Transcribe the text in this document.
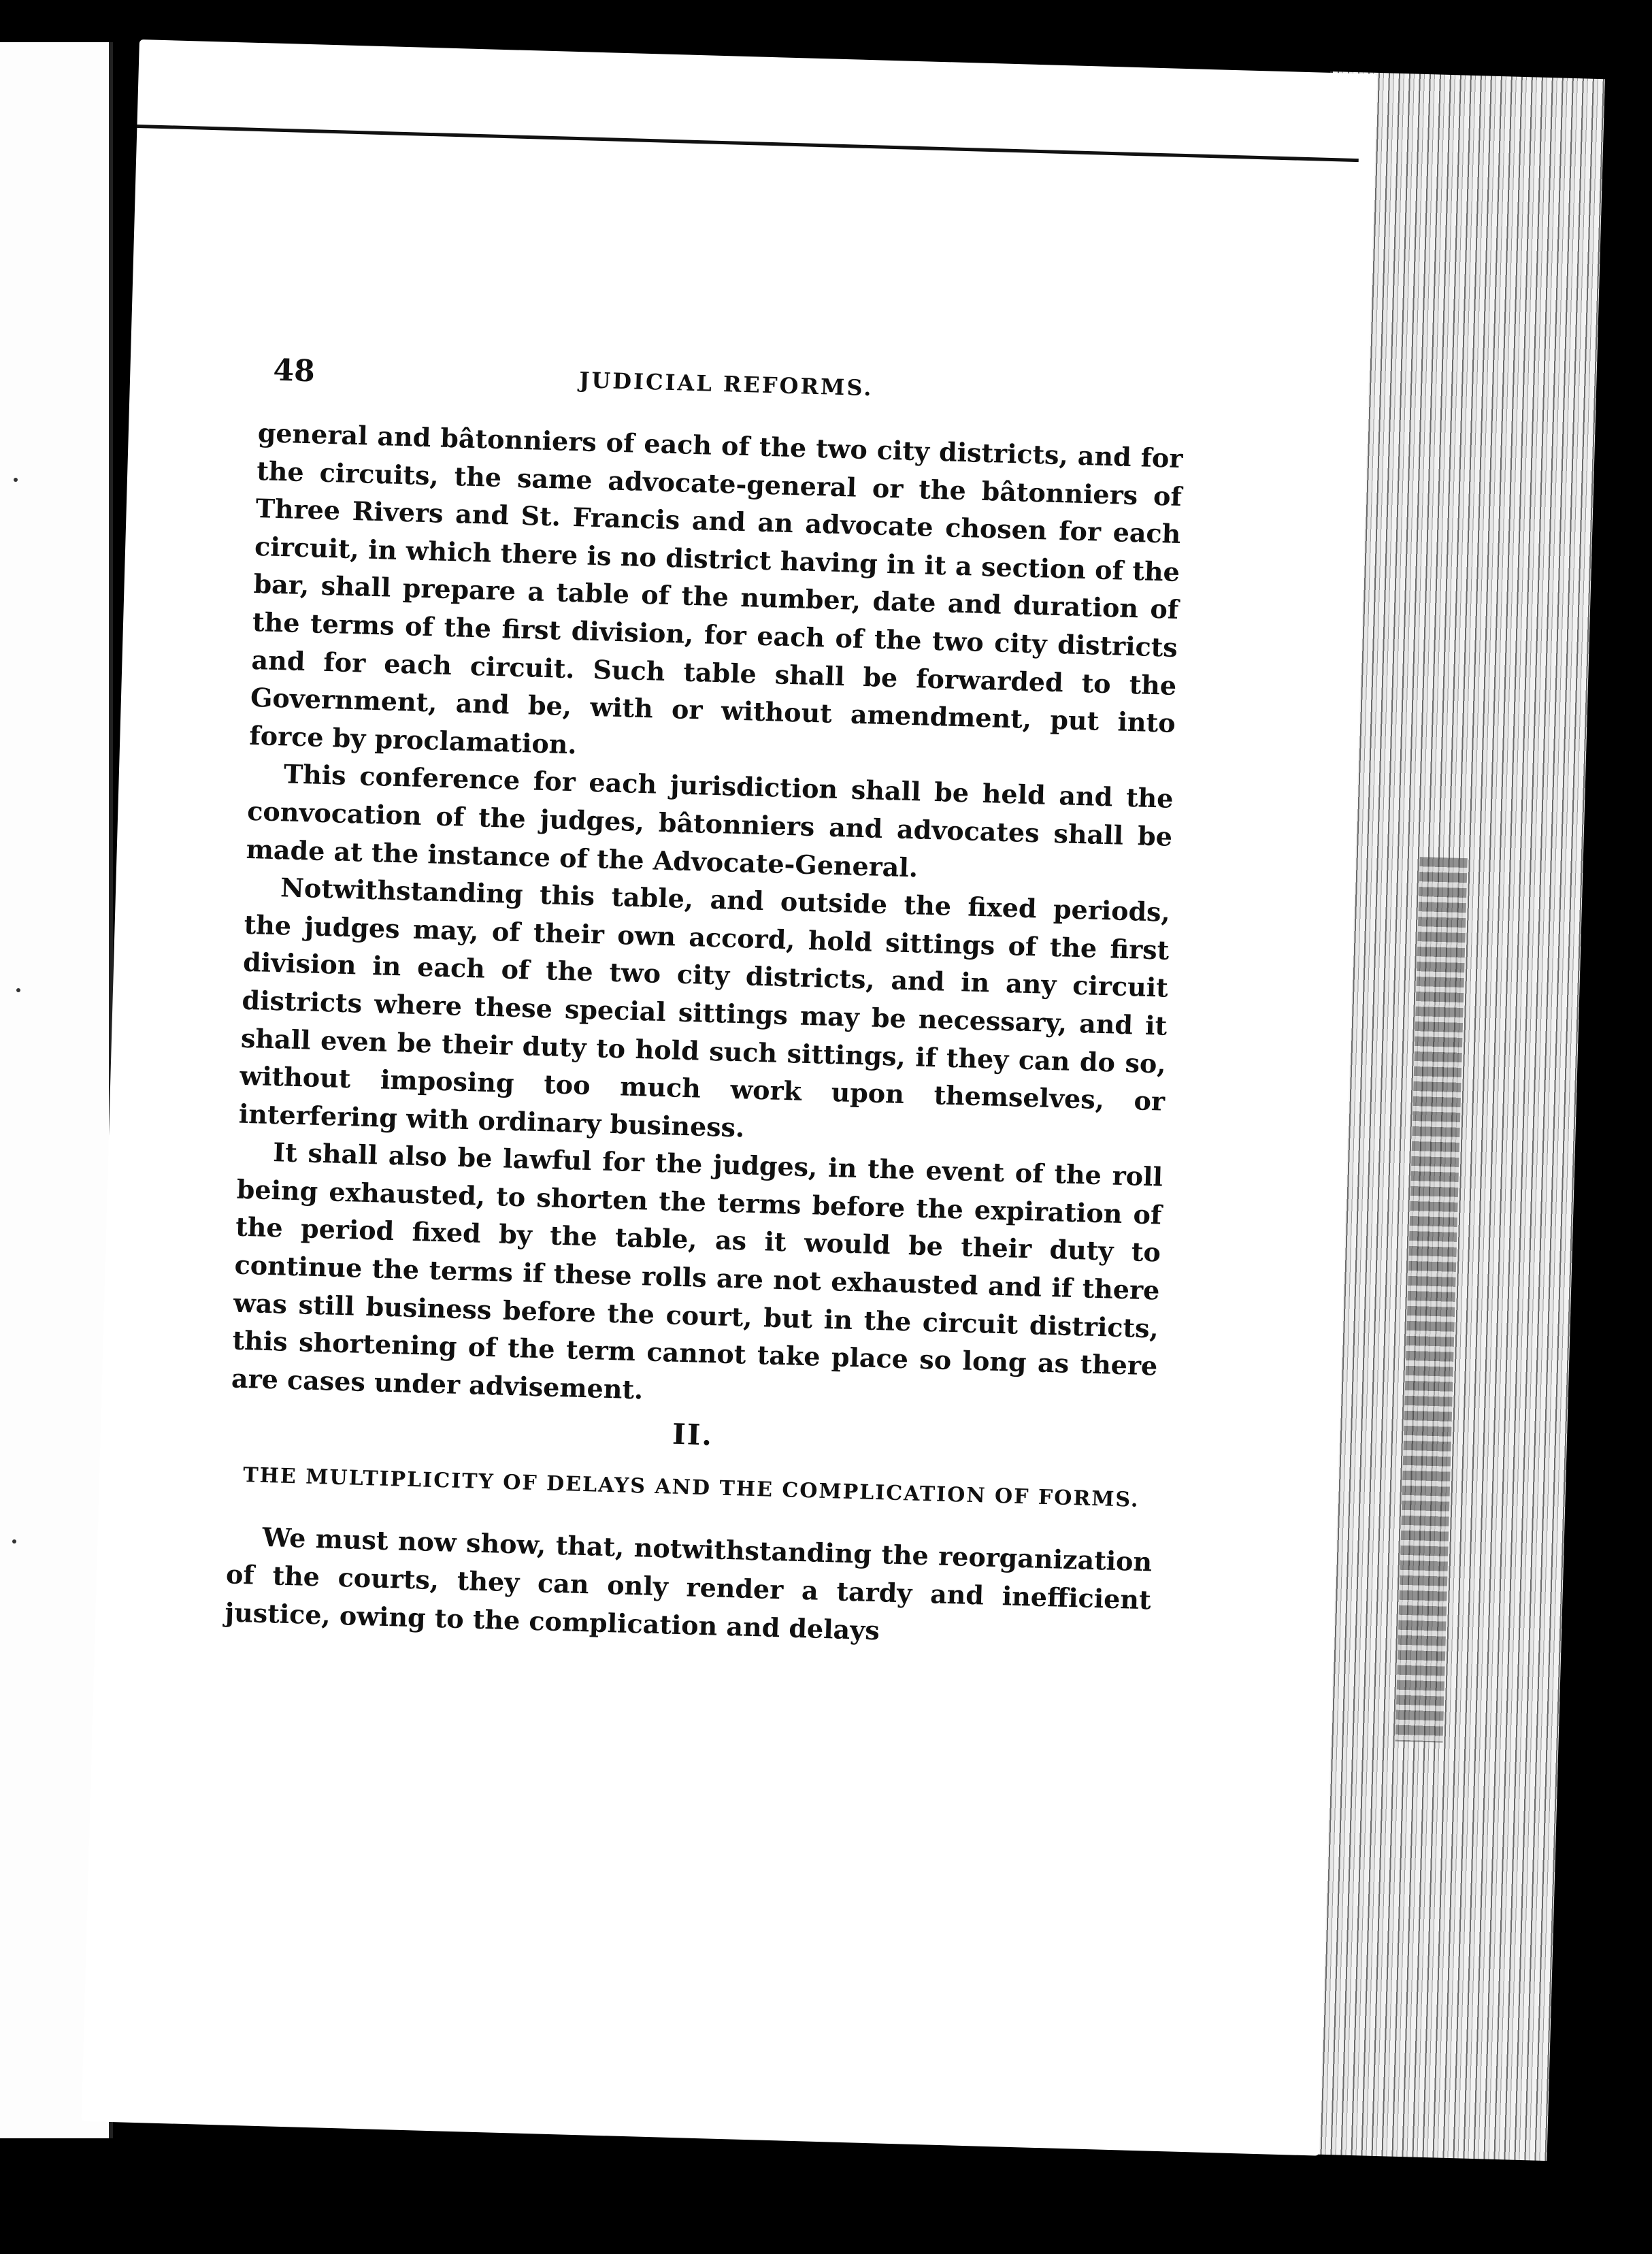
48	JUDICIAL REFORMS.

general and bâtonniers of each of the two city districts, and for the circuits, the same advocate-general or the bâtonniers of Three Rivers and St. Francis and an advocate chosen for each circuit, in which there is no district having in it a section of the bar, shall prepare a table of the number, date and duration of the terms of the first division, for each of the two city districts and for each circuit. Such table shall be forwarded to the Government, and be, with or without amendment, put into force by proclamation.

This conference for each jurisdiction shall be held and the convocation of the judges, bâtonniers and advocates shall be made at the instance of the Advocate-General.

Notwithstanding this table, and outside the fixed periods, the judges may, of their own accord, hold sittings of the first division in each of the two city districts, and in any circuit districts where these special sittings may be necessary, and it shall even be their duty to hold such sittings, if they can do so, without imposing too much work upon themselves, or interfering with ordinary business.

It shall also be lawful for the judges, in the event of the roll being exhausted, to shorten the terms before the expiration of the period fixed by the table, as it would be their duty to continue the terms if these rolls are not exhausted and if there was still business before the court, but in the circuit districts, this shortening of the term cannot take place so long as there are cases under advisement.

II.
THE MULTIPLICITY OF DELAYS AND THE COMPLICATION OF FORMS.

We must now show, that, notwithstanding the reorganization of the courts, they can only render a tardy and inefficient justice, owing to the complication and delays
